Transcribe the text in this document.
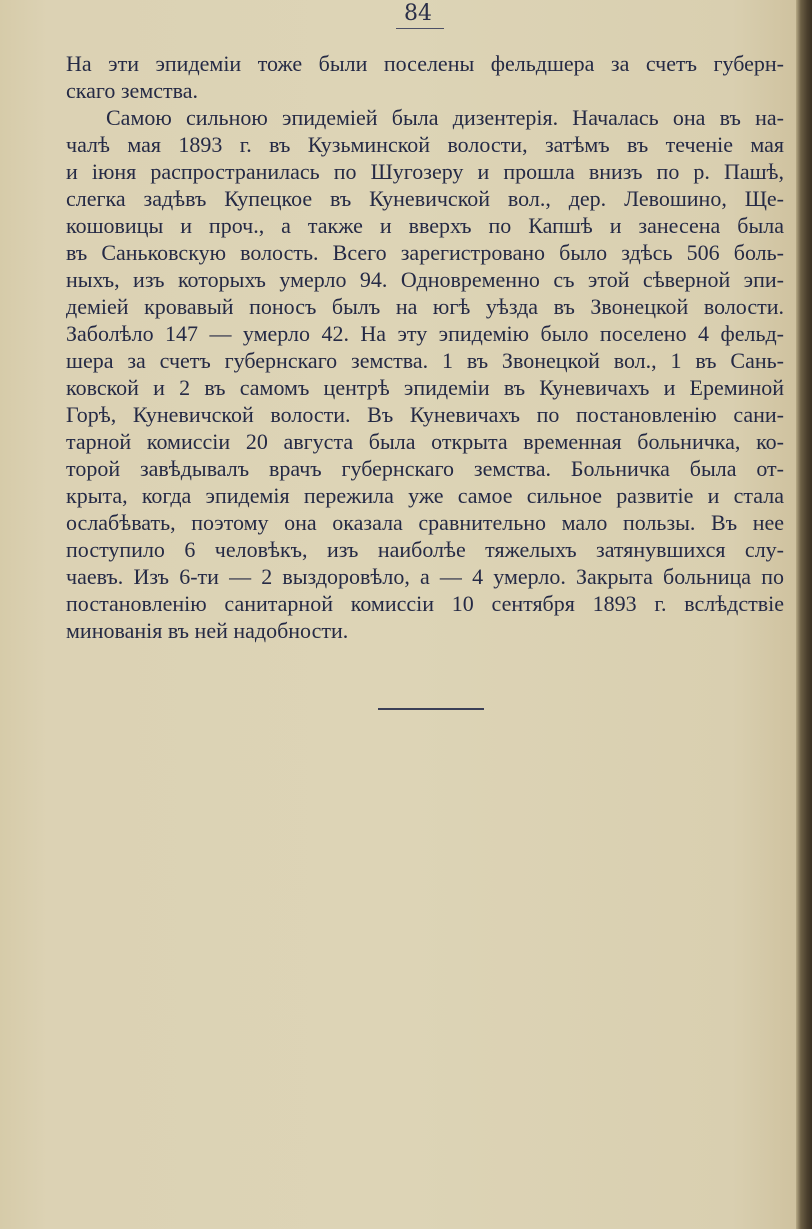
84
На эти эпидеміи тоже были поселены фельдшера за счетъ губерн-
скаго земства.
Самою сильною эпидеміей была дизентерія. Началась она въ на-
чалѣ мая 1893 г. въ Кузьминской волости, затѣмъ въ теченіе мая
и іюня распространилась по Шугозеру и прошла внизъ по р. Пашѣ,
слегка задѣвъ Купецкое въ Куневичской вол., дер. Левошино, Ще-
кошовицы и проч., а также и вверхъ по Капшѣ и занесена была
въ Саньковскую волость. Всего зарегистровано было здѣсь 506 боль-
ныхъ, изъ которыхъ умерло 94. Одновременно съ этой сѣверной эпи-
деміей кровавый поносъ былъ на югѣ уѣзда въ Звонецкой волости.
Заболѣло 147 — умерло 42. На эту эпидемію было поселено 4 фельд-
шера за счетъ губернскаго земства. 1 въ Звонецкой вол., 1 въ Сань-
ковской и 2 въ самомъ центрѣ эпидеміи въ Куневичахъ и Ереминой
Горѣ, Куневичской волости. Въ Куневичахъ по постановленію сани-
тарной комиссіи 20 августа была открыта временная больничка, ко-
торой завѣдывалъ врачъ губернскаго земства. Больничка была от-
крыта, когда эпидемія пережила уже самое сильное развитіе и стала
ослабѣвать, поэтому она оказала сравнительно мало пользы. Въ нее
поступило 6 человѣкъ, изъ наиболѣе тяжелыхъ затянувшихся слу-
чаевъ. Изъ 6-ти — 2 выздоровѣло, а — 4 умерло. Закрыта больница по
постановленію санитарной комиссіи 10 сентября 1893 г. вслѣдствіе
минованія въ ней надобности.
